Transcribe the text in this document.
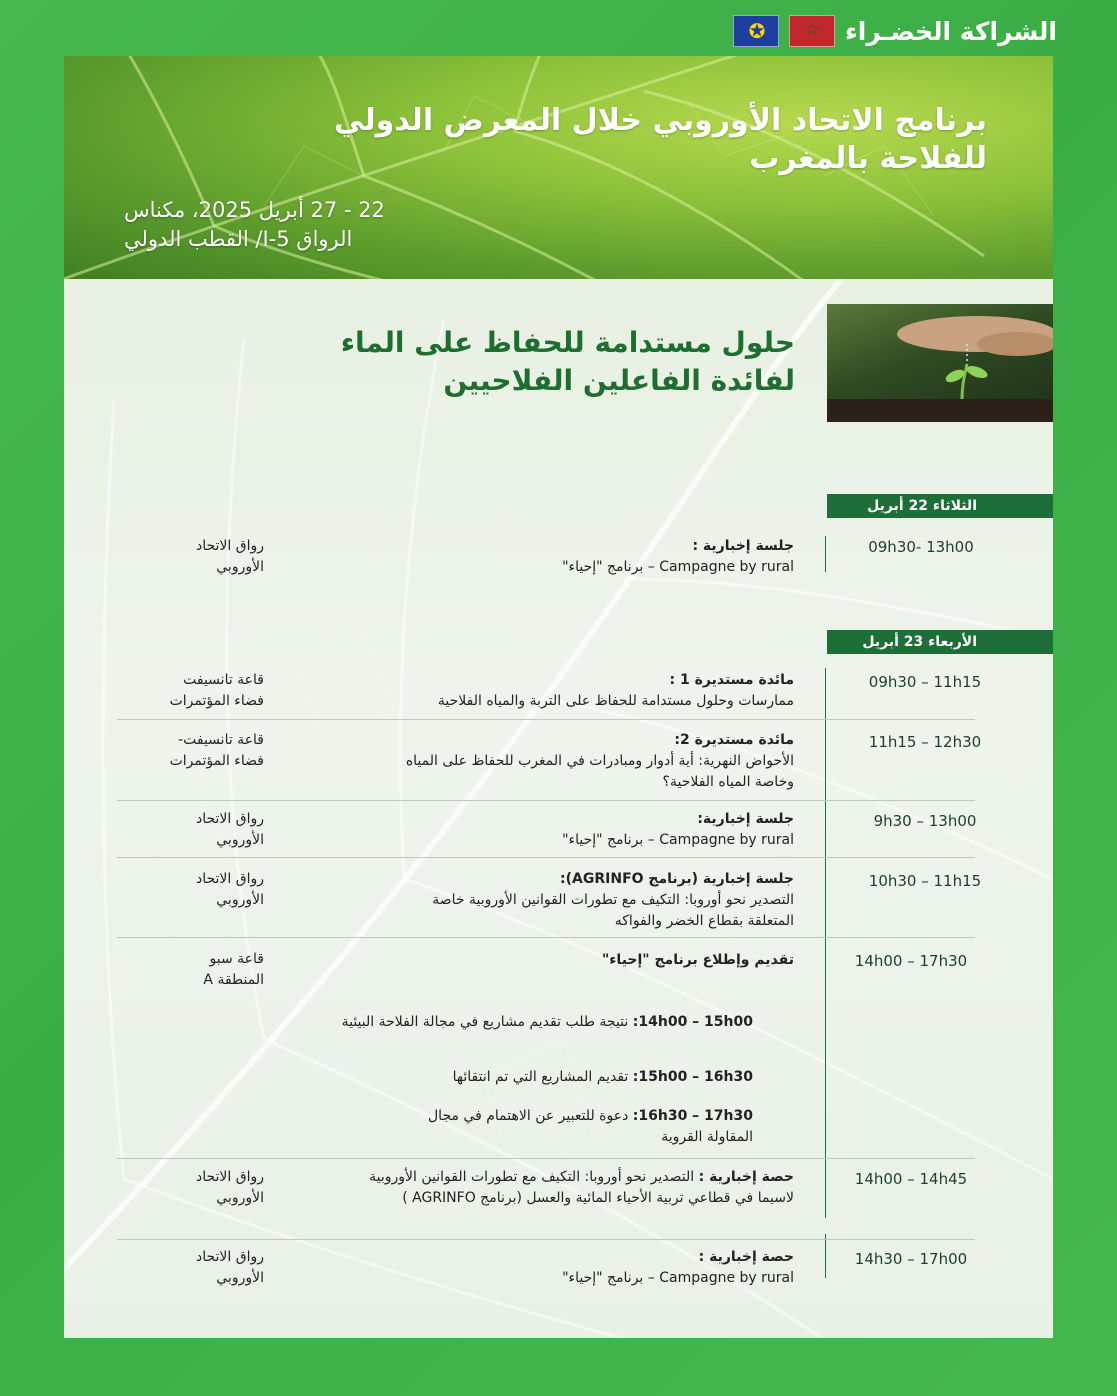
الشراكة الخضـراء
☆
✪
برنامج الاتحاد الأوروبي خلال المعرض الدولي
للفلاحة بالمغرب
22 - 27 أبريل 2025، مكناس
الرواق 5-I/ القطب الدولي
حلول مستدامة للحفاظ على الماء
لفائدة الفاعلين الفلاحيين
الثلاثاء 22 أبريل
09h30- 13h00
جلسة إخبارية :
Campagne by rural – برنامج "إحياء"
رواق الاتحاد
الأوروبي
الأربعاء 23 أبريل
09h30 – 11h15
مائدة مستديرة 1 :
ممارسات وحلول مستدامة للحفاظ على التربة والمياه الفلاحية
قاعة تانسيفت
فضاء المؤتمرات
11h15 – 12h30
مائدة مستديرة 2:
الأحواض النهرية: أية أدوار ومبادرات في المغرب للحفاظ على المياه
وخاصة المياه الفلاحية؟
قاعة تانسيفت-
فضاء المؤتمرات
9h30 – 13h00
جلسة إخبارية:
Campagne by rural – برنامج "إحياء"
رواق الاتحاد
الأوروبي
10h30 – 11h15
جلسة إخبارية (برنامج AGRINFO):
التصدير نحو أوروبا: التكيف مع تطورات القوانين الأوروبية خاصة
المتعلقة بقطاع الخضر والفواكه
رواق الاتحاد
الأوروبي
14h00 – 17h30
تقديم وإطلاع برنامج "إحياء"
قاعة سبو
المنطقة A
14h00 – 15h00: نتيجة طلب تقديم مشاريع في مجالة الفلاحة البيئية
15h00 – 16h30: تقديم المشاريع التي تم انتقائها
16h30 – 17h30: دعوة للتعبير عن الاهتمام في مجال
المقاولة القروية
14h00 – 14h45
حصة إخبارية : التصدير نحو أوروبا: التكيف مع تطورات القوانين الأوروبية
لاسيما في قطاعي تربية الأحياء المائية والعسل (برنامج AGRINFO )
رواق الاتحاد
الأوروبي
14h30 – 17h00
حصة إخبارية :
Campagne by rural – برنامج "إحياء"
رواق الاتحاد
الأوروبي
